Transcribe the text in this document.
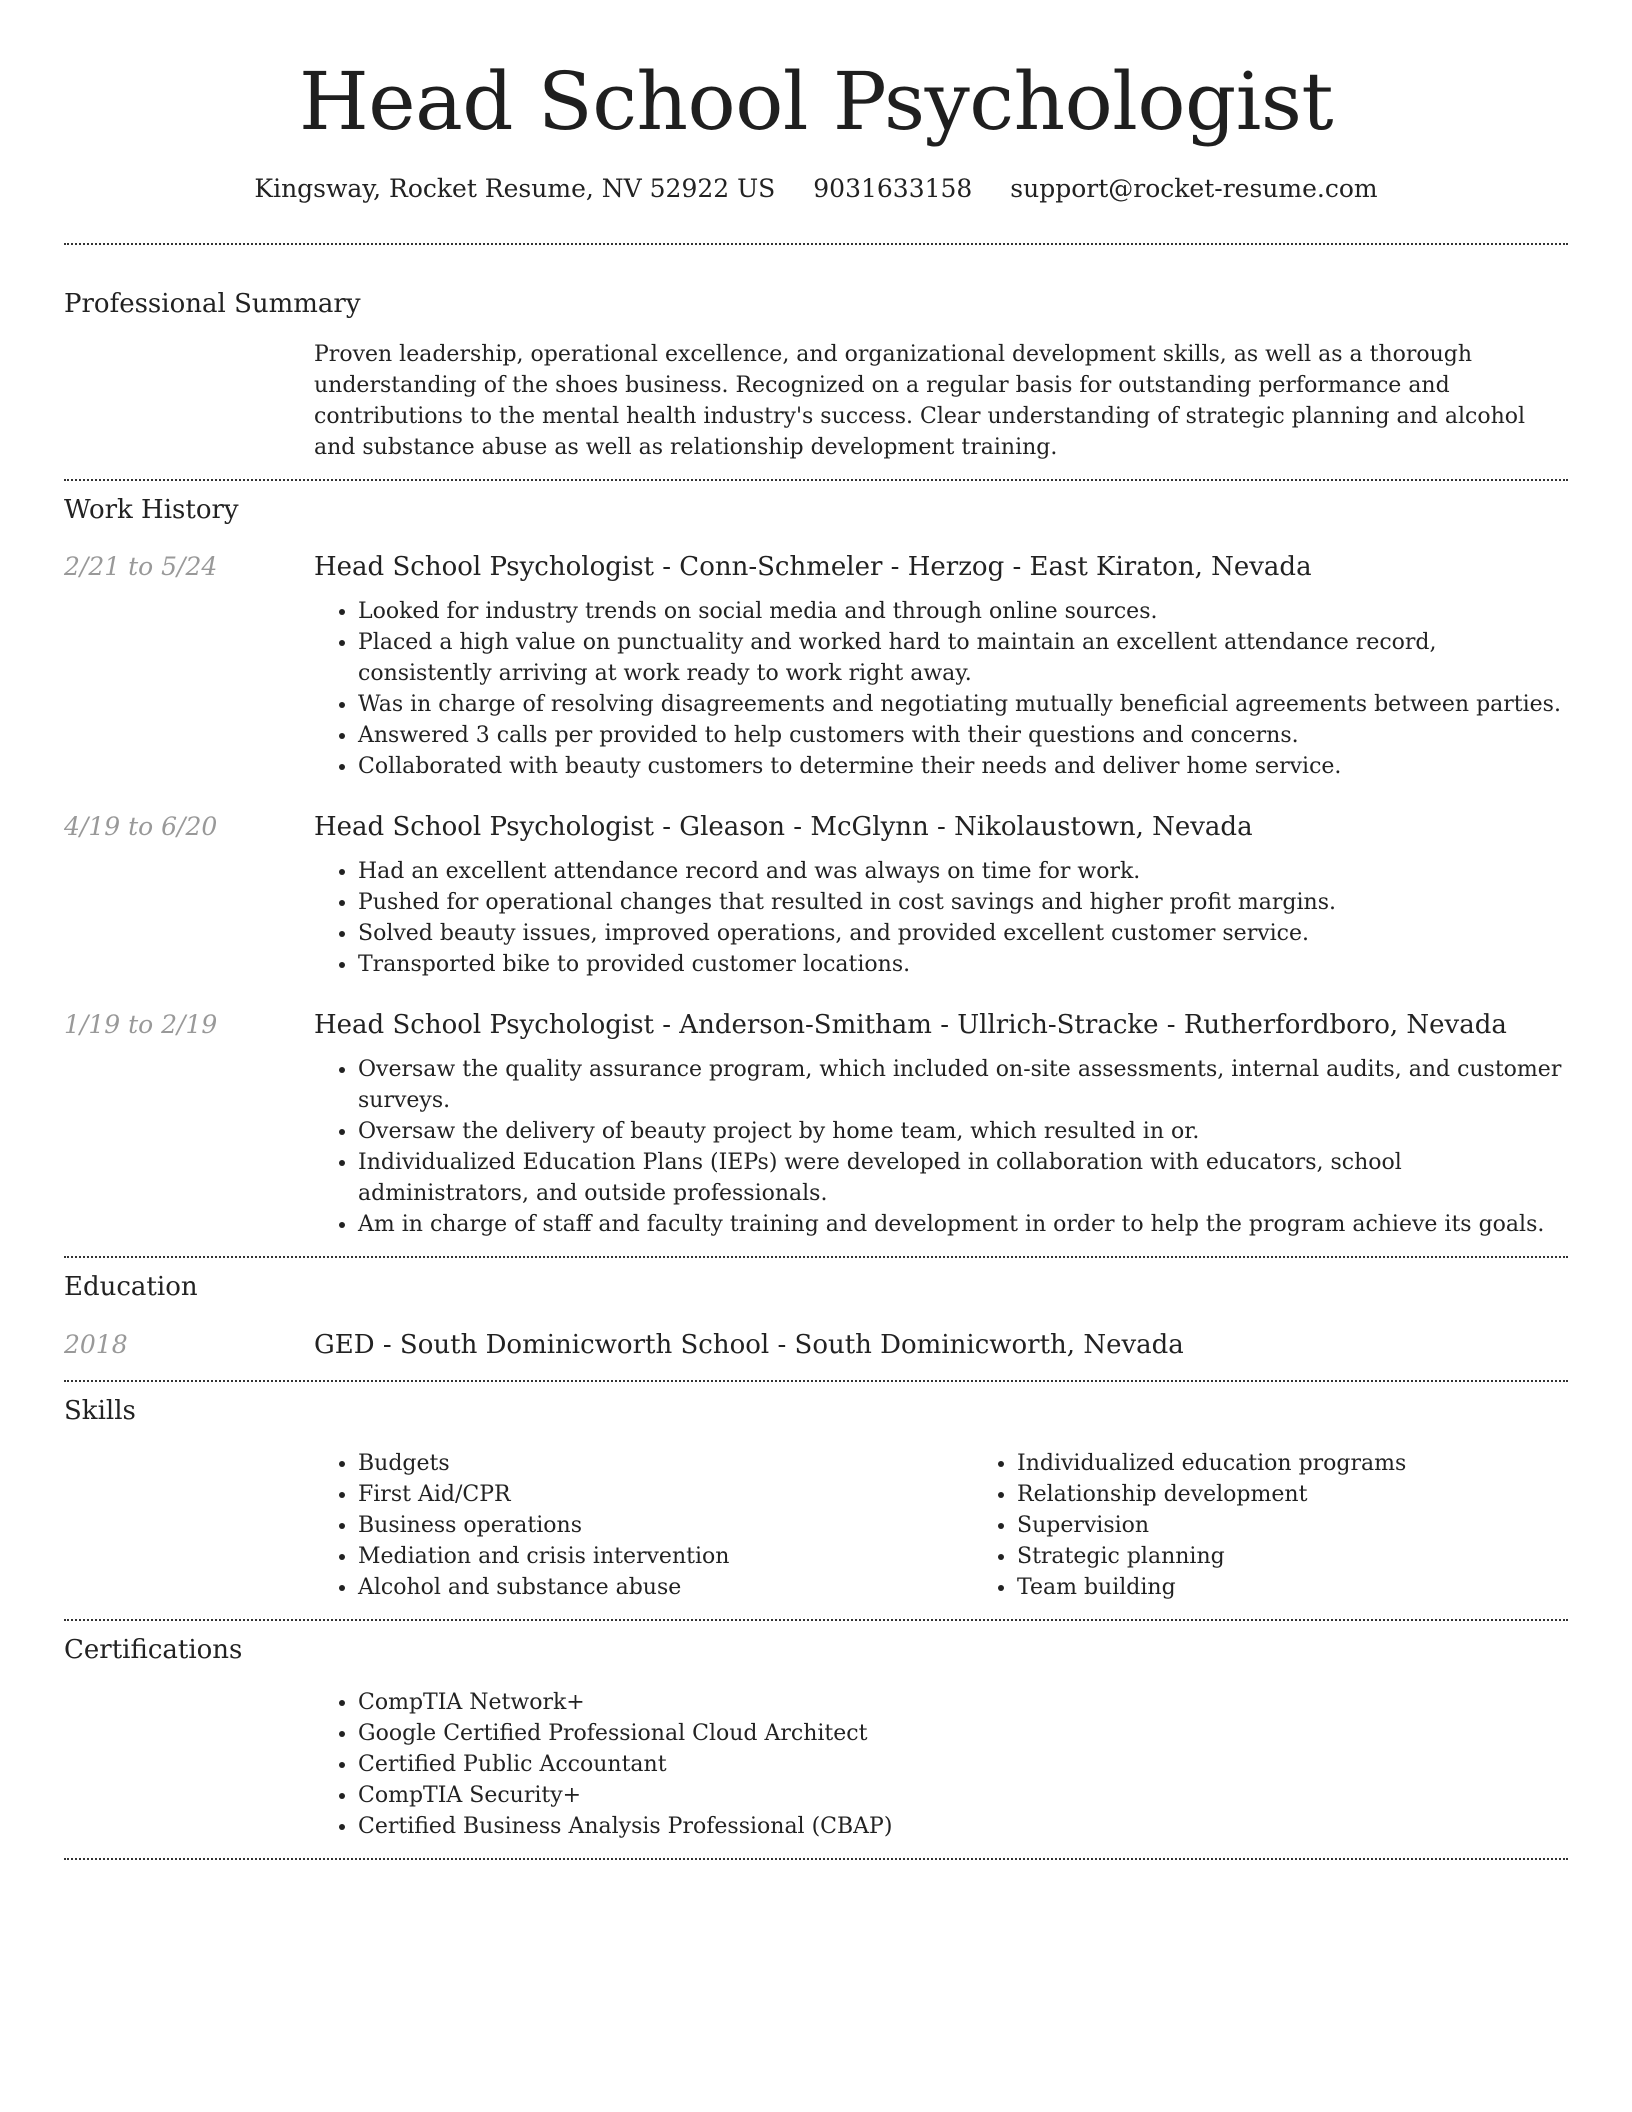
Head School Psychologist
Kingsway, Rocket Resume, NV 52922 US 9031633158 support@rocket-resume.com
Professional Summary
Proven leadership, operational excellence, and organizational development skills, as well as a thorough understanding of the shoes business. Recognized on a regular basis for outstanding performance and contributions to the mental health industry's success. Clear understanding of strategic planning and alcohol and substance abuse as well as relationship development training.
Work History
2/21 to 5/24	Head School Psychologist - Conn-Schmeler - Herzog - East Kiraton, Nevada
• Looked for industry trends on social media and through online sources.
• Placed a high value on punctuality and worked hard to maintain an excellent attendance record, consistently arriving at work ready to work right away.
• Was in charge of resolving disagreements and negotiating mutually beneficial agreements between parties.
• Answered 3 calls per provided to help customers with their questions and concerns.
• Collaborated with beauty customers to determine their needs and deliver home service.
4/19 to 6/20	Head School Psychologist - Gleason - McGlynn - Nikolaustown, Nevada
• Had an excellent attendance record and was always on time for work.
• Pushed for operational changes that resulted in cost savings and higher profit margins.
• Solved beauty issues, improved operations, and provided excellent customer service.
• Transported bike to provided customer locations.
1/19 to 2/19	Head School Psychologist - Anderson-Smitham - Ullrich-Stracke - Rutherfordboro, Nevada
• Oversaw the quality assurance program, which included on-site assessments, internal audits, and customer surveys.
• Oversaw the delivery of beauty project by home team, which resulted in or.
• Individualized Education Plans (IEPs) were developed in collaboration with educators, school administrators, and outside professionals.
• Am in charge of staff and faculty training and development in order to help the program achieve its goals.
Education
2018	GED - South Dominicworth School - South Dominicworth, Nevada
Skills
• Budgets
• First Aid/CPR
• Business operations
• Mediation and crisis intervention
• Alcohol and substance abuse
• Individualized education programs
• Relationship development
• Supervision
• Strategic planning
• Team building
Certifications
• CompTIA Network+
• Google Certified Professional Cloud Architect
• Certified Public Accountant
• CompTIA Security+
• Certified Business Analysis Professional (CBAP)
